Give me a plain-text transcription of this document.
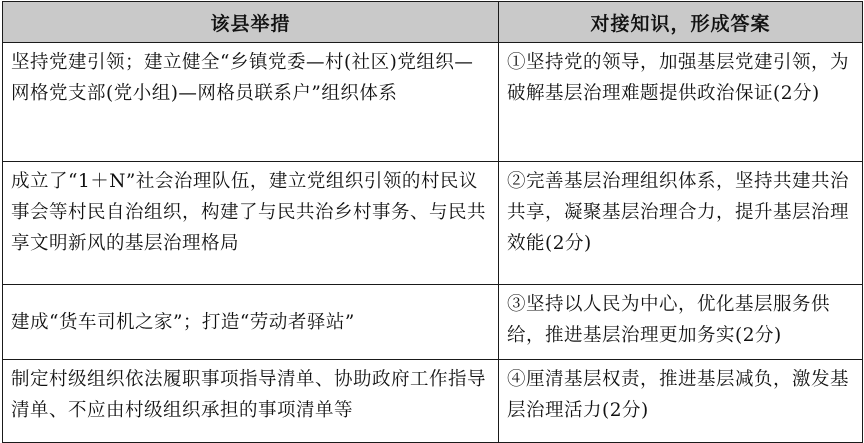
该县举措	对接知识，形成答案
坚持党建引领；建立健全“乡镇党委—村(社区)党组织—网格党支部(党小组)—网格员联系户”组织体系	①坚持党的领导，加强基层党建引领，为破解基层治理难题提供政治保证(2分)
成立了“1＋N”社会治理队伍，建立党组织引领的村民议事会等村民自治组织，构建了与民共治乡村事务、与民共享文明新风的基层治理格局	②完善基层治理组织体系，坚持共建共治共享，凝聚基层治理合力，提升基层治理效能(2分)
建成“货车司机之家”；打造“劳动者驿站”	③坚持以人民为中心，优化基层服务供给，推进基层治理更加务实(2分)
制定村级组织依法履职事项指导清单、协助政府工作指导清单、不应由村级组织承担的事项清单等	④厘清基层权责，推进基层减负，激发基层治理活力(2分)
